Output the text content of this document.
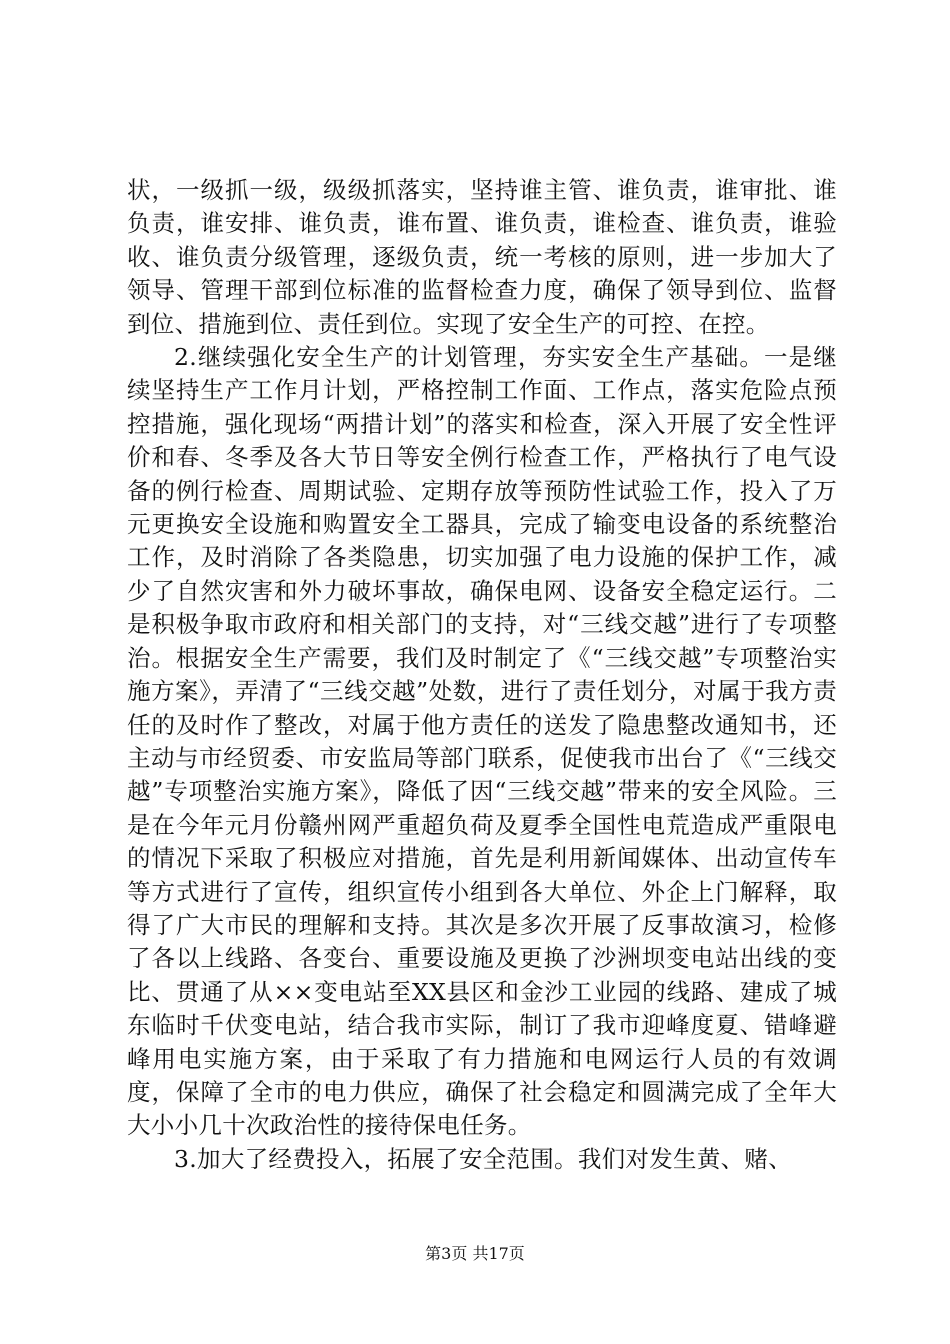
状，一级抓一级，级级抓落实，坚持谁主管、谁负责，谁审批、谁负责，谁安排、谁负责，谁布置、谁负责，谁检查、谁负责，谁验收、谁负责分级管理，逐级负责，统一考核的原则，进一步加大了领导、管理干部到位标准的监督检查力度，确保了领导到位、监督到位、措施到位、责任到位。实现了安全生产的可控、在控。

2.继续强化安全生产的计划管理，夯实安全生产基础。一是继续坚持生产工作月计划，严格控制工作面、工作点，落实危险点预控措施，强化现场“两措计划”的落实和检查，深入开展了安全性评价和春、冬季及各大节日等安全例行检查工作，严格执行了电气设备的例行检查、周期试验、定期存放等预防性试验工作，投入了万元更换安全设施和购置安全工器具，完成了输变电设备的系统整治工作，及时消除了各类隐患，切实加强了电力设施的保护工作，减少了自然灾害和外力破坏事故，确保电网、设备安全稳定运行。二是积极争取市政府和相关部门的支持，对“三线交越”进行了专项整治。根据安全生产需要，我们及时制定了《“三线交越”专项整治实施方案》，弄清了“三线交越”处数，进行了责任划分，对属于我方责任的及时作了整改，对属于他方责任的送发了隐患整改通知书，还主动与市经贸委、市安监局等部门联系，促使我市出台了《“三线交越”专项整治实施方案》，降低了因“三线交越”带来的安全风险。三是在今年元月份赣州网严重超负荷及夏季全国性电荒造成严重限电的情况下采取了积极应对措施，首先是利用新闻媒体、出动宣传车等方式进行了宣传，组织宣传小组到各大单位、外企上门解释，取得了广大市民的理解和支持。其次是多次开展了反事故演习，检修了各以上线路、各变台、重要设施及更换了沙洲坝变电站出线的变比、贯通了从××变电站至XX县区和金沙工业园的线路、建成了城东临时千伏变电站，结合我市实际，制订了我市迎峰度夏、错峰避峰用电实施方案，由于采取了有力措施和电网运行人员的有效调度，保障了全市的电力供应，确保了社会稳定和圆满完成了全年大大小小几十次政治性的接待保电任务。

3.加大了经费投入，拓展了安全范围。我们对发生黄、赌、

第3页 共17页
